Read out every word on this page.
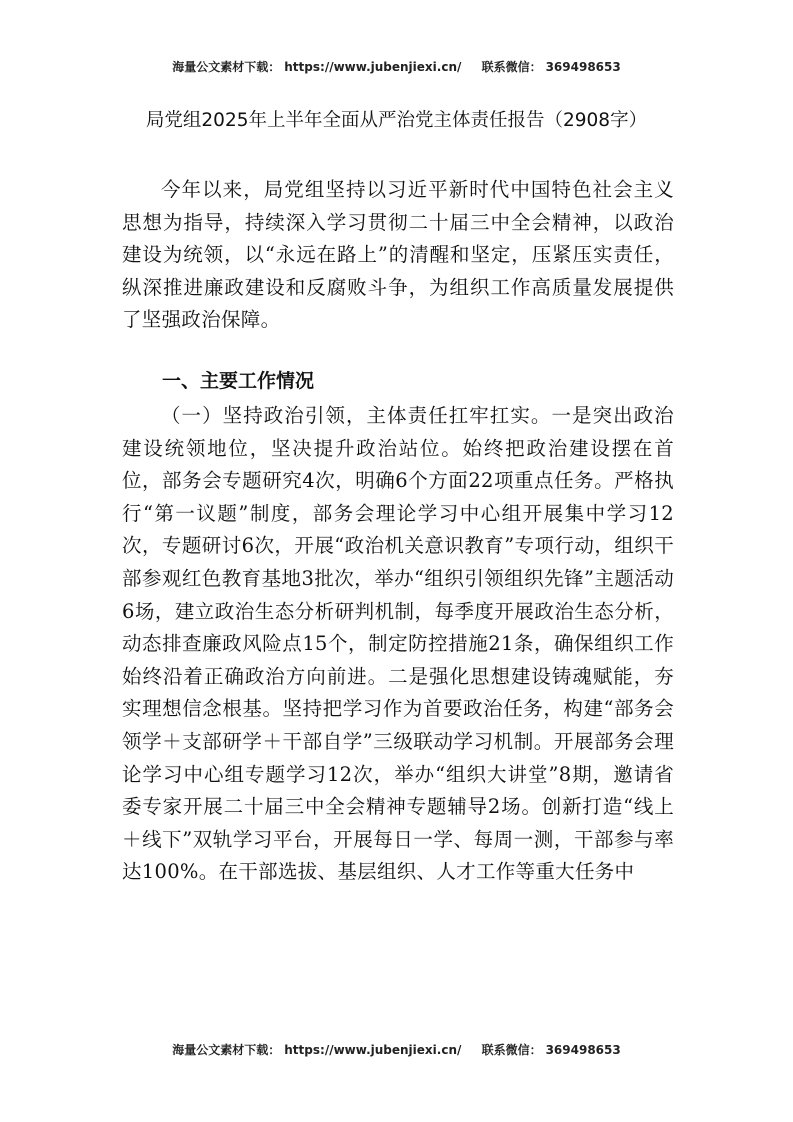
海量公文素材下载： https://www.jubenjiexi.cn/ 联系微信： 369498653
局党组2025年上半年全面从严治党主体责任报告（2908字）

今年以来，局党组坚持以习近平新时代中国特色社会主义思想为指导，持续深入学习贯彻二十届三中全会精神，以政治建设为统领，以“永远在路上”的清醒和坚定，压紧压实责任，纵深推进廉政建设和反腐败斗争，为组织工作高质量发展提供了坚强政治保障。

一、主要工作情况

（一）坚持政治引领，主体责任扛牢扛实。一是突出政治建设统领地位，坚决提升政治站位。始终把政治建设摆在首位，部务会专题研究4次，明确6个方面22项重点任务。严格执行“第一议题”制度，部务会理论学习中心组开展集中学习12次，专题研讨6次，开展“政治机关意识教育”专项行动，组织干部参观红色教育基地3批次，举办“组织引领组织先锋”主题活动6场，建立政治生态分析研判机制，每季度开展政治生态分析，动态排查廉政风险点15个，制定防控措施21条，确保组织工作始终沿着正确政治方向前进。二是强化思想建设铸魂赋能，夯实理想信念根基。坚持把学习作为首要政治任务，构建“部务会领学＋支部研学＋干部自学”三级联动学习机制。开展部务会理论学习中心组专题学习12次，举办“组织大讲堂”8期，邀请省委专家开展二十届三中全会精神专题辅导2场。创新打造“线上＋线下”双轨学习平台，开展每日一学、每周一测，干部参与率达100%。在干部选拔、基层组织、人才工作等重大任务中

海量公文素材下载： https://www.jubenjiexi.cn/ 联系微信： 369498653
